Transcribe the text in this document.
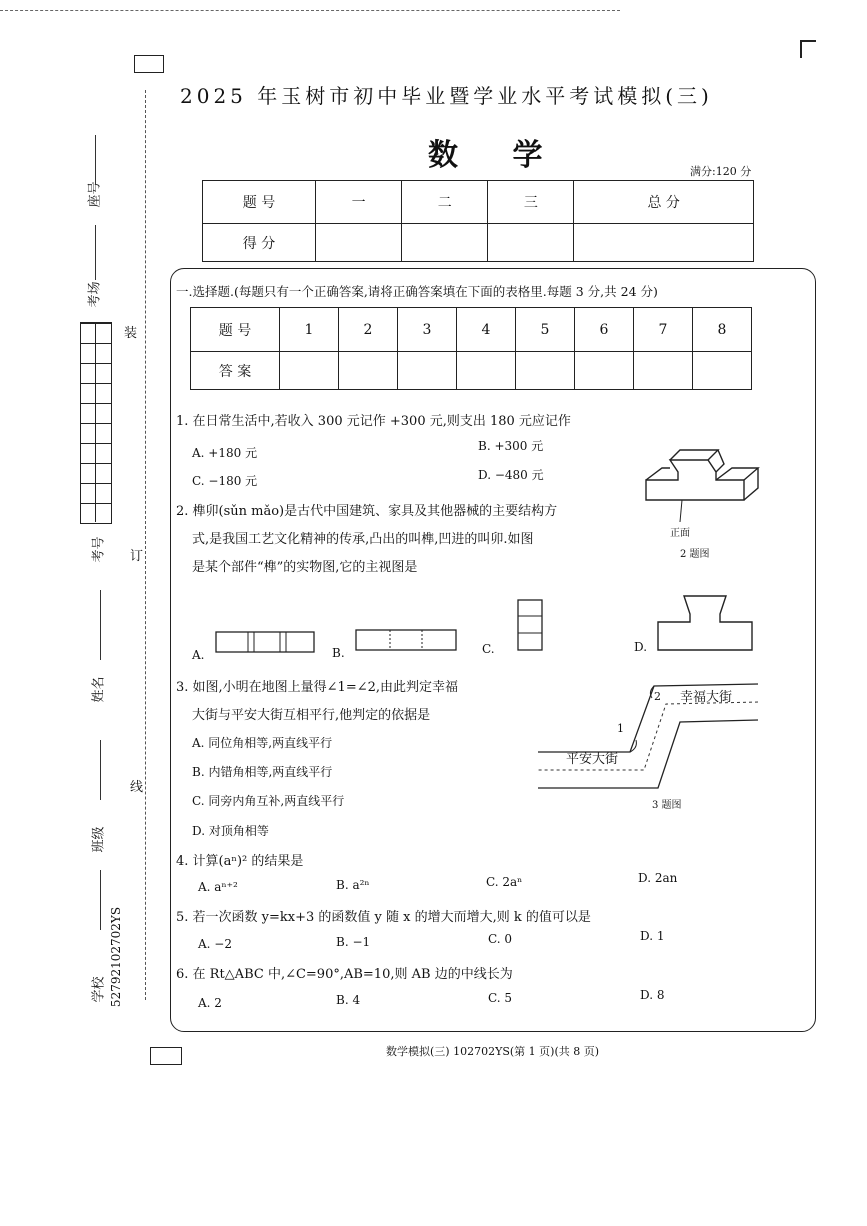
2025 年玉树市初中毕业暨学业水平考试模拟(三)
数 学	满分:120 分
题 号	一	二	三	总 分
得 分				
座号
考场
考号
姓名
班级
学校 52792102702YS
装
订
线
一.选择题.(每题只有一个正确答案,请将正确答案填在下面的表格里.每题 3 分,共 24 分)
题 号	1	2	3	4	5	6	7	8
答 案								
1. 在日常生活中,若收入 300 元记作 +300 元,则支出 180 元应记作
A. +180 元	B. +300 元
C. −180 元	D. −480 元
2. 榫卯(sǔn mǎo)是古代中国建筑、家具及其他器械的主要结构方
式,是我国工艺文化精神的传承,凸出的叫榫,凹进的叫卯.如图
是某个部件“榫”的实物图,它的主视图是
正面
2 题图
A.	B.	C.	D.
3. 如图,小明在地图上量得∠1=∠2,由此判定幸福
大街与平安大街互相平行,他判定的依据是
A. 同位角相等,两直线平行
B. 内错角相等,两直线平行
C. 同旁内角互补,两直线平行
D. 对顶角相等
幸福大街
平安大街
1
2
3 题图
4. 计算(aⁿ)² 的结果是
A. aⁿ⁺²	B. a²ⁿ	C. 2aⁿ	D. 2an
5. 若一次函数 y=kx+3 的函数值 y 随 x 的增大而增大,则 k 的值可以是
A. −2	B. −1	C. 0	D. 1
6. 在 Rt△ABC 中,∠C=90°,AB=10,则 AB 边的中线长为
A. 2	B. 4	C. 5	D. 8
数学模拟(三) 102702YS(第 1 页)(共 8 页)
